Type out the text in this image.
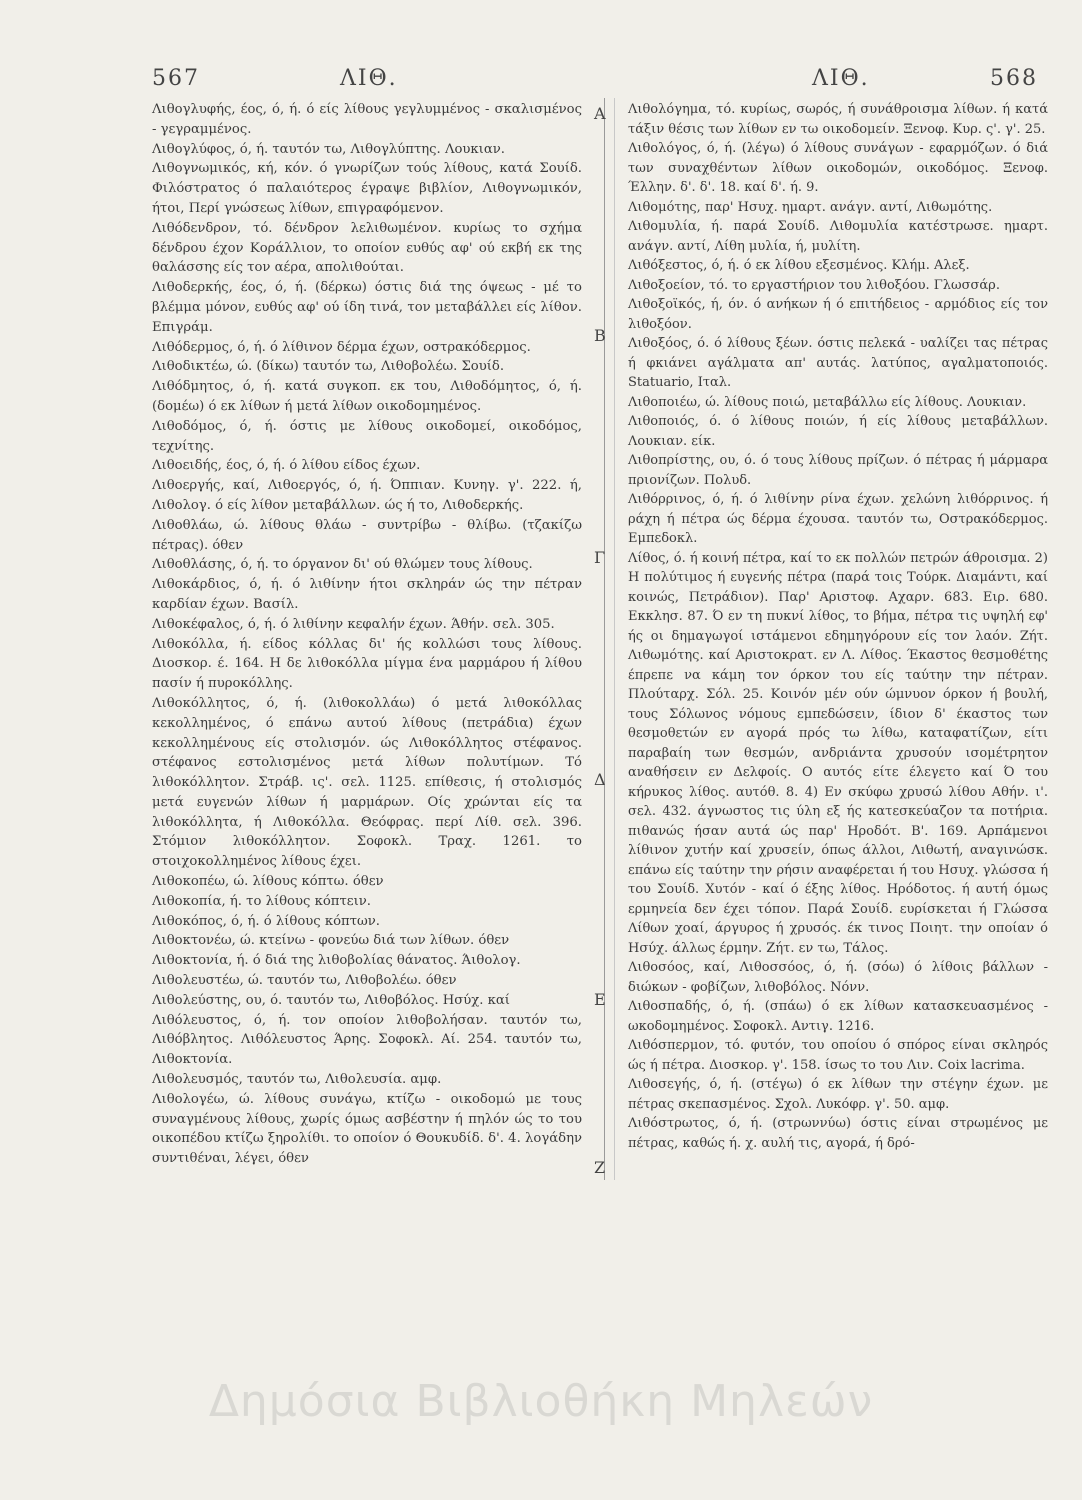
567	ΛΙΘ.	ΛΙΘ.	568
Α
Β
Γ
Δ
Ε
Ζ

Λιθογλυφής, έος, ό, ή. ό είς λίθους γεγλυμμένος - σκαλισμένος - γεγραμμένος.

Λιθογλύφος, ό, ή. ταυτόν τω, Λιθογλύπτης. Λουκιαν.

Λιθογνωμικός, κή, κόν. ό γνωρίζων τούς λίθους, κατά Σουίδ. Φιλόστρατος ό παλαιότερος έγραψε βιβλίον, Λιθογνωμικόν, ήτοι, Περί γνώσεως λίθων, επιγραφόμενον.

Λιθόδενδρον, τό. δένδρον λελιθωμένον. κυρίως το σχήμα δένδρου έχον Κοράλλιον, το οποίον ευθύς αφ' ού εκβή εκ της θαλάσσης είς τον αέρα, απολιθούται.

Λιθοδερκής, έος, ό, ή. (δέρκω) όστις διά της όψεως - μέ το βλέμμα μόνον, ευθύς αφ' ού ίδη τινά, τον μεταβάλλει είς λίθον. Επιγράμ.

Λιθόδερμος, ό, ή. ό λίθινον δέρμα έχων, οστρακόδερμος.

Λιθοδικτέω, ώ. (δίκω) ταυτόν τω, Λιθοβολέω. Σουίδ.

Λιθόδμητος, ό, ή. κατά συγκοπ. εκ του, Λιθοδόμητος, ό, ή. (δομέω) ό εκ λίθων ή μετά λίθων οικοδομημένος.

Λιθοδόμος, ό, ή. όστις με λίθους οικοδομεί, οικοδόμος, τεχνίτης.

Λιθοειδής, έος, ό, ή. ό λίθου είδος έχων.

Λιθοεργής, καί, Λιθοεργός, ό, ή. Όππιαν. Κυνηγ. γ'. 222. ή, Λιθολογ. ό είς λίθον μεταβάλλων. ώς ή το, Λιθοδερκής.

Λιθοθλάω, ώ. λίθους θλάω - συντρίβω - θλίβω. (τζακίζω πέτρας). όθεν

Λιθοθλάσης, ό, ή. το όργανον δι' ού θλώμεν τους λίθους.

Λιθοκάρδιος, ό, ή. ό λιθίνην ήτοι σκληράν ώς την πέτραν καρδίαν έχων. Βασίλ.

Λιθοκέφαλος, ό, ή. ό λιθίνην κεφαλήν έχων. Άθήν. σελ. 305.

Λιθοκόλλα, ή. είδος κόλλας δι' ής κολλώσι τους λίθους. Διοσκορ. έ. 164. Η δε λιθοκόλλα μίγμα ένα μαρμάρου ή λίθου πασίν ή πυροκόλλης.

Λιθοκόλλητος, ό, ή. (λιθοκολλάω) ό μετά λιθοκόλλας κεκολλημένος, ό επάνω αυτού λίθους (πετράδια) έχων κεκολλημένους είς στολισμόν. ώς Λιθοκόλλητος στέφανος. στέφανος εστολισμένος μετά λίθων πολυτίμων. Τό λιθοκόλλητον. Στράβ. ις'. σελ. 1125. επίθεσις, ή στολισμός μετά ευγενών λίθων ή μαρμάρων. Οίς χρώνται είς τα λιθοκόλλητα, ή Λιθοκόλλα. Θεόφρας. περί Λίθ. σελ. 396. Στόμιον λιθοκόλλητον. Σοφοκλ. Τραχ. 1261. το στοιχοκολλημένος λίθους έχει.

Λιθοκοπέω, ώ. λίθους κόπτω. όθεν

Λιθοκοπία, ή. το λίθους κόπτειν.

Λιθοκόπος, ό, ή. ό λίθους κόπτων.

Λιθοκτονέω, ώ. κτείνω - φονεύω διά των λίθων. όθεν

Λιθοκτονία, ή. ό διά της λιθοβολίας θάνατος. Άιθολογ.

Λιθολευστέω, ώ. ταυτόν τω, Λιθοβολέω. όθεν

Λιθολεύστης, ου, ό. ταυτόν τω, Λιθοβόλος. Ησύχ. καί

Λιθόλευστος, ό, ή. τον οποίον λιθοβολήσαν. ταυτόν τω, Λιθόβλητος. Λιθόλευστος Άρης. Σοφοκλ. Αί. 254. ταυτόν τω, Λιθοκτονία.

Λιθολευσμός, ταυτόν τω, Λιθολευσία. αμφ.

Λιθολογέω, ώ. λίθους συνάγω, κτίζω - οικοδομώ με τους συναγμένους λίθους, χωρίς όμως ασβέστην ή πηλόν ώς το του οικοπέδου κτίζω ξηρολίθι. το οποίον ό Θουκυδίδ. δ'. 4. λογάδην συντιθέναι, λέγει, όθεν

Λιθολόγημα, τό. κυρίως, σωρός, ή συνάθροισμα λίθων. ή κατά τάξιν θέσις των λίθων εν τω οικοδομείν. Ξενοφ. Κυρ. ς'. γ'. 25.

Λιθολόγος, ό, ή. (λέγω) ό λίθους συνάγων - εφαρμόζων. ό διά των συναχθέντων λίθων οικοδομών, οικοδόμος. Ξενοφ. Έλλην. δ'. δ'. 18. καί δ'. ή. 9.

Λιθομότης, παρ' Ησυχ. ημαρτ. ανάγν. αντί, Λιθωμότης.

Λιθομυλία, ή. παρά Σουίδ. Λιθομυλία κατέστρωσε. ημαρτ. ανάγν. αντί, Λίθη μυλία, ή, μυλίτη.

Λιθόξεστος, ό, ή. ό εκ λίθου εξεσμένος. Κλήμ. Αλεξ.

Λιθοξοείον, τό. το εργαστήριον του λιθοξόου. Γλωσσάρ.

Λιθοξοϊκός, ή, όν. ό ανήκων ή ό επιτήδειος - αρμόδιος είς τον λιθοξόον.

Λιθοξόος, ό. ό λίθους ξέων. όστις πελεκά - υαλίζει τας πέτρας ή φκιάνει αγάλματα απ' αυτάς. λατύπος, αγαλματοποιός. Statuario, Ιταλ.

Λιθοποιέω, ώ. λίθους ποιώ, μεταβάλλω είς λίθους. Λουκιαν.

Λιθοποιός, ό. ό λίθους ποιών, ή είς λίθους μεταβάλλων. Λουκιαν. είκ.

Λιθοπρίστης, ου, ό. ό τους λίθους πρίζων. ό πέτρας ή μάρμαρα πριονίζων. Πολυδ.

Λιθόρρινος, ό, ή. ό λιθίνην ρίνα έχων. χελώνη λιθόρρινος. ή ράχη ή πέτρα ώς δέρμα έχουσα. ταυτόν τω, Οστρακόδερμος. Εμπεδοκλ.

Λίθος, ό. ή κοινή πέτρα, καί το εκ πολλών πετρών άθροισμα. 2) Η πολύτιμος ή ευγενής πέτρα (παρά τοις Τούρκ. Διαμάντι, καί κοινώς, Πετράδιον). Παρ' Αριστοφ. Αχαρν. 683. Ειρ. 680. Εκκλησ. 87. Ό εν τη πυκνί λίθος, το βήμα, πέτρα τις υψηλή εφ' ής οι δημαγωγοί ιστάμενοι εδημηγόρουν είς τον λαόν. Ζήτ. Λιθωμότης. καί Αριστοκρατ. εν Λ. Λίθος. Έκαστος θεσμοθέτης έπρεπε να κάμη τον όρκον του είς ταύτην την πέτραν. Πλούταρχ. Σόλ. 25. Κοινόν μέν ούν ώμνυον όρκον ή βουλή, τους Σόλωνος νόμους εμπεδώσειν, ίδιον δ' έκαστος των θεσμοθετών εν αγορά πρός τω λίθω, καταφατίζων, είτι παραβαίη των θεσμών, ανδριάντα χρυσούν ισομέτρητον αναθήσειν εν Δελφοίς. Ο αυτός είτε έλεγετο καί Ό του κήρυκος λίθος. αυτόθ. 8. 4) Εν σκύφω χρυσώ λίθου Αθήν. ι'. σελ. 432. άγνωστος τις ύλη εξ ής κατεσκεύαζον τα ποτήρια. πιθανώς ήσαν αυτά ώς παρ' Ηροδότ. Β'. 169. Αρπάμενοι λίθινον χυτήν καί χρυσείν, όπως άλλοι, Λιθωτή, αναγινώσκ. επάνω είς ταύτην την ρήσιν αναφέρεται ή του Ησυχ. γλώσσα ή του Σουίδ. Χυτόν - καί ό έξης λίθος. Ηρόδοτος. ή αυτή όμως ερμηνεία δεν έχει τόπον. Παρά Σουίδ. ευρίσκεται ή Γλώσσα Λίθων χοαί, άργυρος ή χρυσός. έκ τινος Ποιητ. την οποίαν ό Ησύχ. άλλως έρμην. Ζήτ. εν τω, Τάλος.

Λιθοσόος, καί, Λιθοσσόος, ό, ή. (σόω) ό λίθοις βάλλων - διώκων - φοβίζων, λιθοβόλος. Νόνν.

Λιθοσπαδής, ό, ή. (σπάω) ό εκ λίθων κατασκευασμένος - ωκοδομημένος. Σοφοκλ. Αντιγ. 1216.

Λιθόσπερμον, τό. φυτόν, του οποίου ό σπόρος είναι σκληρός ώς ή πέτρα. Διοσκορ. γ'. 158. ίσως το του Λιν. Coix lacrima.

Λιθοσεγής, ό, ή. (στέγω) ό εκ λίθων την στέγην έχων. με πέτρας σκεπασμένος. Σχολ. Λυκόφρ. γ'. 50. αμφ.

Λιθόστρωτος, ό, ή. (στρωννύω) όστις είναι στρωμένος με πέτρας, καθώς ή. χ. αυλή τις, αγορά, ή δρό-

Δημόσια Βιβλιοθήκη Μηλεών
